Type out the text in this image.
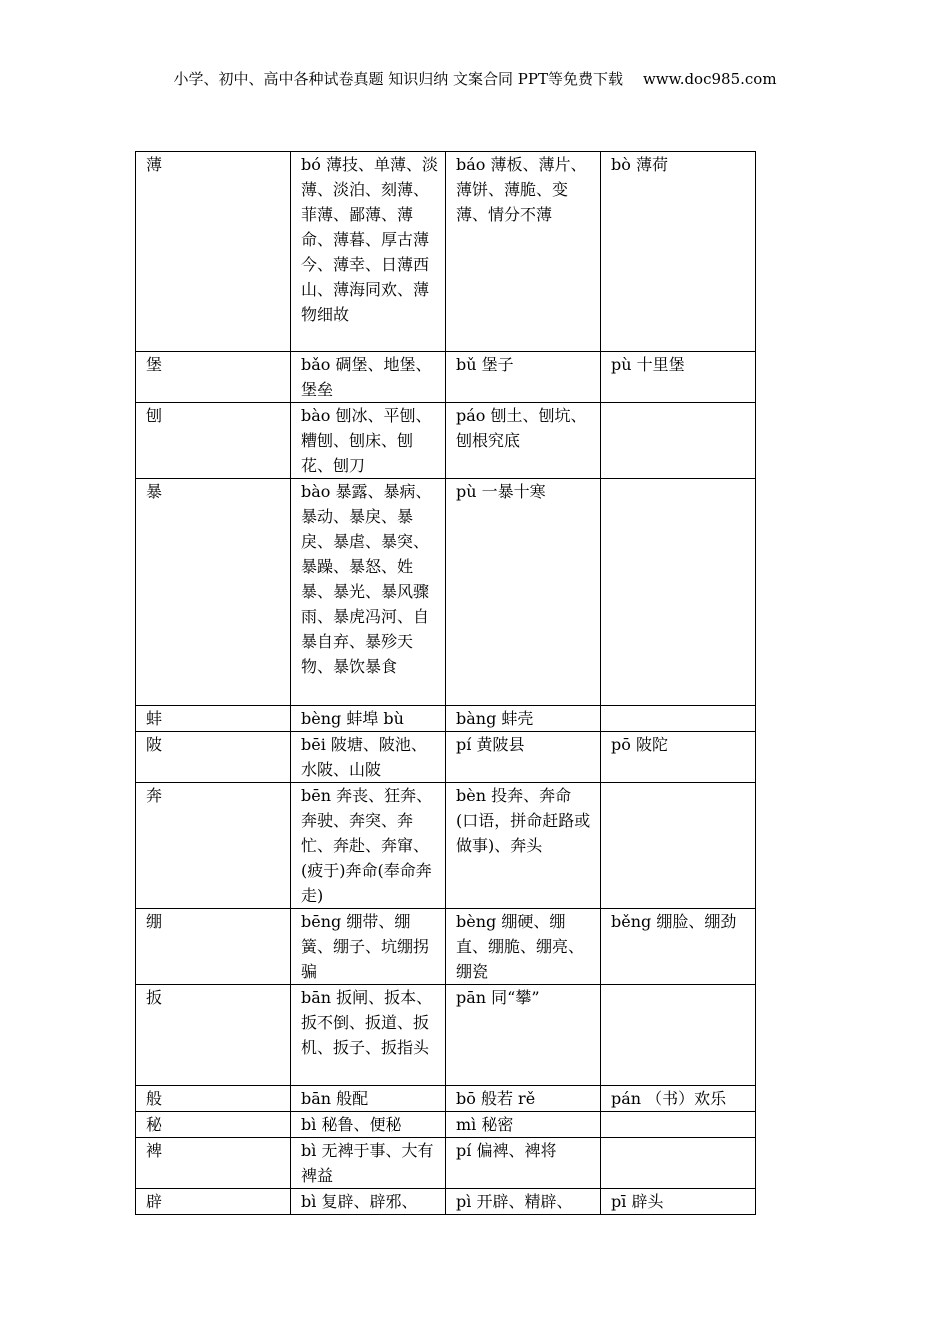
小学、初中、高中各种试卷真题 知识归纳 文案合同 PPT等免费下载 www.doc985.com
薄	bó 薄技、单薄、淡薄、淡泊、刻薄、菲薄、鄙薄、薄命、薄暮、厚古薄今、薄幸、日薄西山、薄海同欢、薄物细故	báo 薄板、薄片、薄饼、薄脆、变薄、情分不薄	bò 薄荷
堡	bǎo 碉堡、地堡、堡垒	bǔ 堡子	pù 十里堡
刨	bào 刨冰、平刨、糟刨、刨床、刨花、刨刀	páo 刨土、刨坑、刨根究底	
暴	bào 暴露、暴病、暴动、暴戾、暴戾、暴虐、暴突、暴躁、暴怒、姓暴、暴光、暴风骤雨、暴虎冯河、自暴自弃、暴殄天物、暴饮暴食	pù 一暴十寒	
蚌	bèng 蚌埠 bù	bàng 蚌壳	
陂	bēi 陂塘、陂池、水陂、山陂	pí 黄陂县	pō 陂陀
奔	bēn 奔丧、狂奔、奔驶、奔突、奔忙、奔赴、奔窜、(疲于)奔命(奉命奔走)	bèn 投奔、奔命(口语，拼命赶路或做事)、奔头	
绷	bēng 绷带、绷簧、绷子、坑绷拐骗	bèng 绷硬、绷直、绷脆、绷亮、绷瓷	běng 绷脸、绷劲
扳	bān 扳闸、扳本、扳不倒、扳道、扳机、扳子、扳指头	pān 同“攀”	
般	bān 般配	bō 般若 rě	pán （书）欢乐
秘	bì 秘鲁、便秘	mì 秘密	
裨	bì 无裨于事、大有裨益	pí 偏裨、裨将	
辟	bì 复辟、辟邪、	pì 开辟、精辟、	pī 辟头
